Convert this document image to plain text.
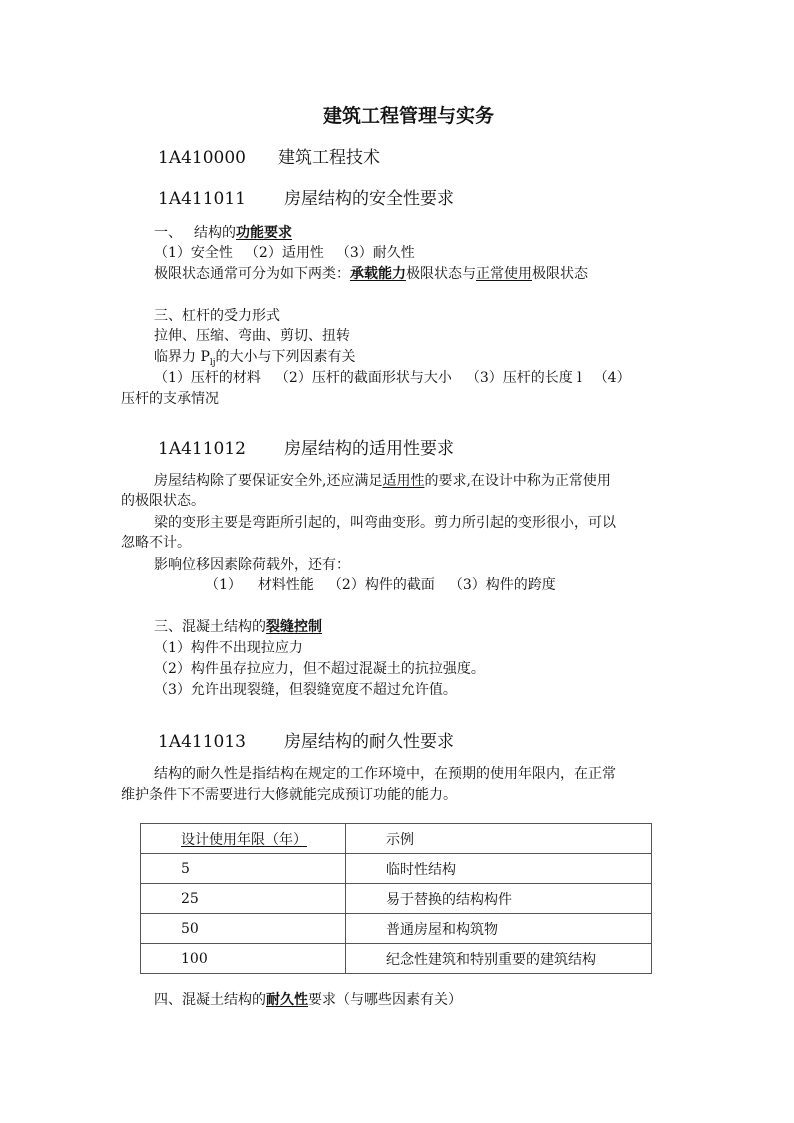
建筑工程管理与实务
1A410000 建筑工程技术
1A411011 房屋结构的安全性要求
一、 结构的功能要求
（1）安全性 （2）适用性 （3）耐久性
极限状态通常可分为如下两类：承载能力极限状态与正常使用极限状态
三、杠杆的受力形式
拉伸、压缩、弯曲、剪切、扭转
临界力 $P_{lj}$的大小与下列因素有关
（1）压杆的材料 （2）压杆的截面形状与大小 （3）压杆的长度 l （4）
压杆的支承情况
1A411012 房屋结构的适用性要求
房屋结构除了要保证安全外,还应满足适用性的要求,在设计中称为正常使用
的极限状态。
梁的变形主要是弯距所引起的，叫弯曲变形。剪力所引起的变形很小，可以
忽略不计。
影响位移因素除荷载外，还有：
（1） 材料性能 （2）构件的截面 （3）构件的跨度
三、混凝土结构的裂缝控制
（1）构件不出现拉应力
（2）构件虽存拉应力，但不超过混凝土的抗拉强度。
（3）允许出现裂缝，但裂缝宽度不超过允许值。
1A411013 房屋结构的耐久性要求
结构的耐久性是指结构在规定的工作环境中，在预期的使用年限内，在正常
维护条件下不需要进行大修就能完成预订功能的能力。
设计使用年限（年）	示例
5	临时性结构
25	易于替换的结构构件
50	普通房屋和构筑物
100	纪念性建筑和特别重要的建筑结构
四、混凝土结构的耐久性要求（与哪些因素有关）
